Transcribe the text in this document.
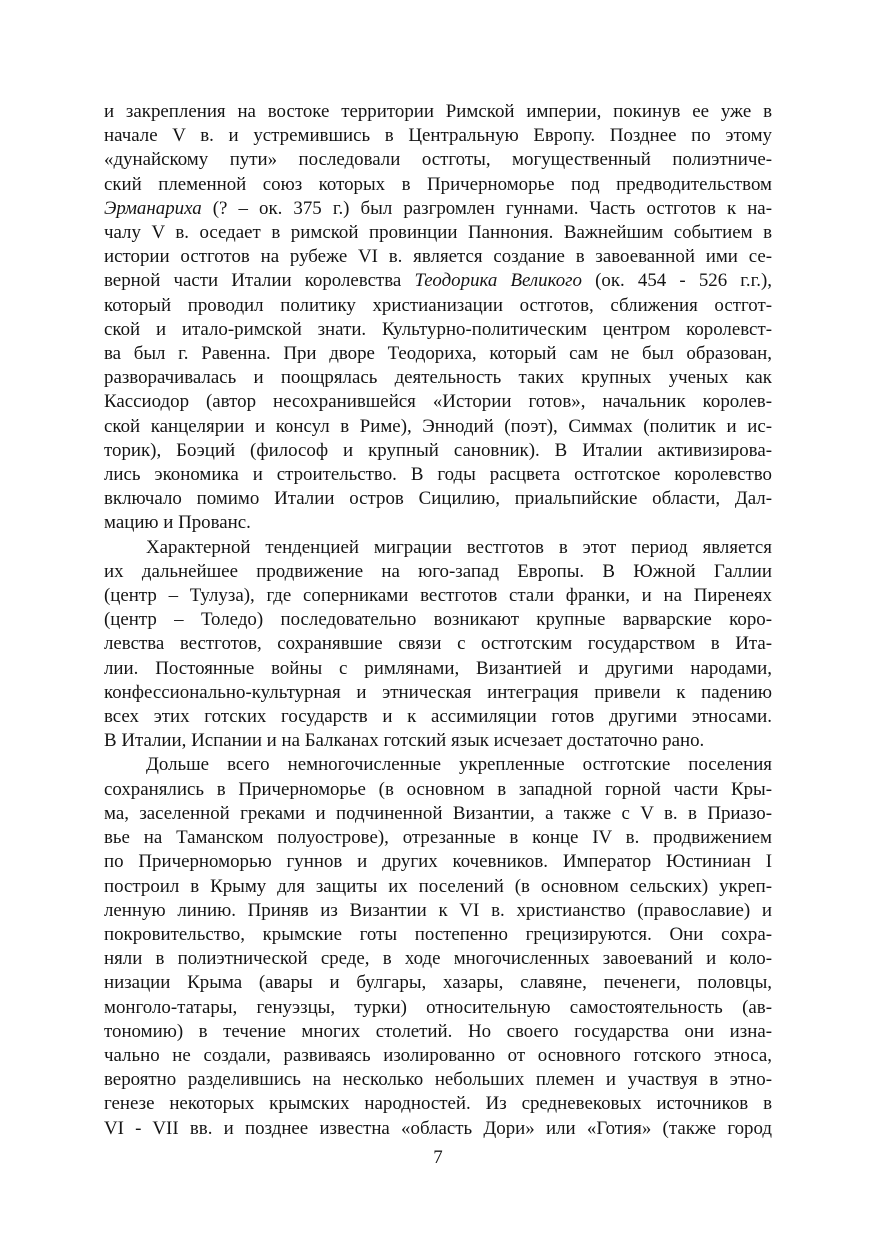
и закрепления на востоке территории Римской империи, покинув ее уже в
начале V в. и устремившись в Центральную Европу. Позднее по этому
«дунайскому пути» последовали остготы, могущественный полиэтниче-
ский племенной союз которых в Причерноморье под предводительством
Эрманариха (? – ок. 375 г.) был разгромлен гуннами. Часть остготов к на-
чалу V в. оседает в римской провинции Паннония. Важнейшим событием в
истории остготов на рубеже VI в. является создание в завоеванной ими се-
верной части Италии королевства Теодорика Великого (ок. 454 - 526 г.г.),
который проводил политику христианизации остготов, сближения остгот-
ской и итало-римской знати. Культурно-политическим центром королевст-
ва был г. Равенна. При дворе Теодориха, который сам не был образован,
разворачивалась и поощрялась деятельность таких крупных ученых как
Кассиодор (автор несохранившейся «Истории готов», начальник королев-
ской канцелярии и консул в Риме), Эннодий (поэт), Симмах (политик и ис-
торик), Боэций (философ и крупный сановник). В Италии активизирова-
лись экономика и строительство. В годы расцвета остготское королевство
включало помимо Италии остров Сицилию, приальпийские области, Дал-
мацию и Прованс.
Характерной тенденцией миграции вестготов в этот период является
их дальнейшее продвижение на юго-запад Европы. В Южной Галлии
(центр – Тулуза), где соперниками вестготов стали франки, и на Пиренеях
(центр – Толедо) последовательно возникают крупные варварские коро-
левства вестготов, сохранявшие связи с остготским государством в Ита-
лии. Постоянные войны с римлянами, Византией и другими народами,
конфессионально-культурная и этническая интеграция привели к падению
всех этих готских государств и к ассимиляции готов другими этносами.
В Италии, Испании и на Балканах готский язык исчезает достаточно рано.
Дольше всего немногочисленные укрепленные остготские поселения
сохранялись в Причерноморье (в основном в западной горной части Кры-
ма, заселенной греками и подчиненной Византии, а также с V в. в Приазо-
вье на Таманском полуострове), отрезанные в конце IV в. продвижением
по Причерноморью гуннов и других кочевников. Император Юстиниан I
построил в Крыму для защиты их поселений (в основном сельских) укреп-
ленную линию. Приняв из Византии к VI в. христианство (православие) и
покровительство, крымские готы постепенно грецизируются. Они сохра-
няли в полиэтнической среде, в ходе многочисленных завоеваний и коло-
низации Крыма (авары и булгары, хазары, славяне, печенеги, половцы,
монголо-татары, генуэзцы, турки) относительную самостоятельность (ав-
тономию) в течение многих столетий. Но своего государства они изна-
чально не создали, развиваясь изолированно от основного готского этноса,
вероятно разделившись на несколько небольших племен и участвуя в этно-
генезе некоторых крымских народностей. Из средневековых источников в
VI - VII вв. и позднее известна «область Дори» или «Готия» (также город
7
